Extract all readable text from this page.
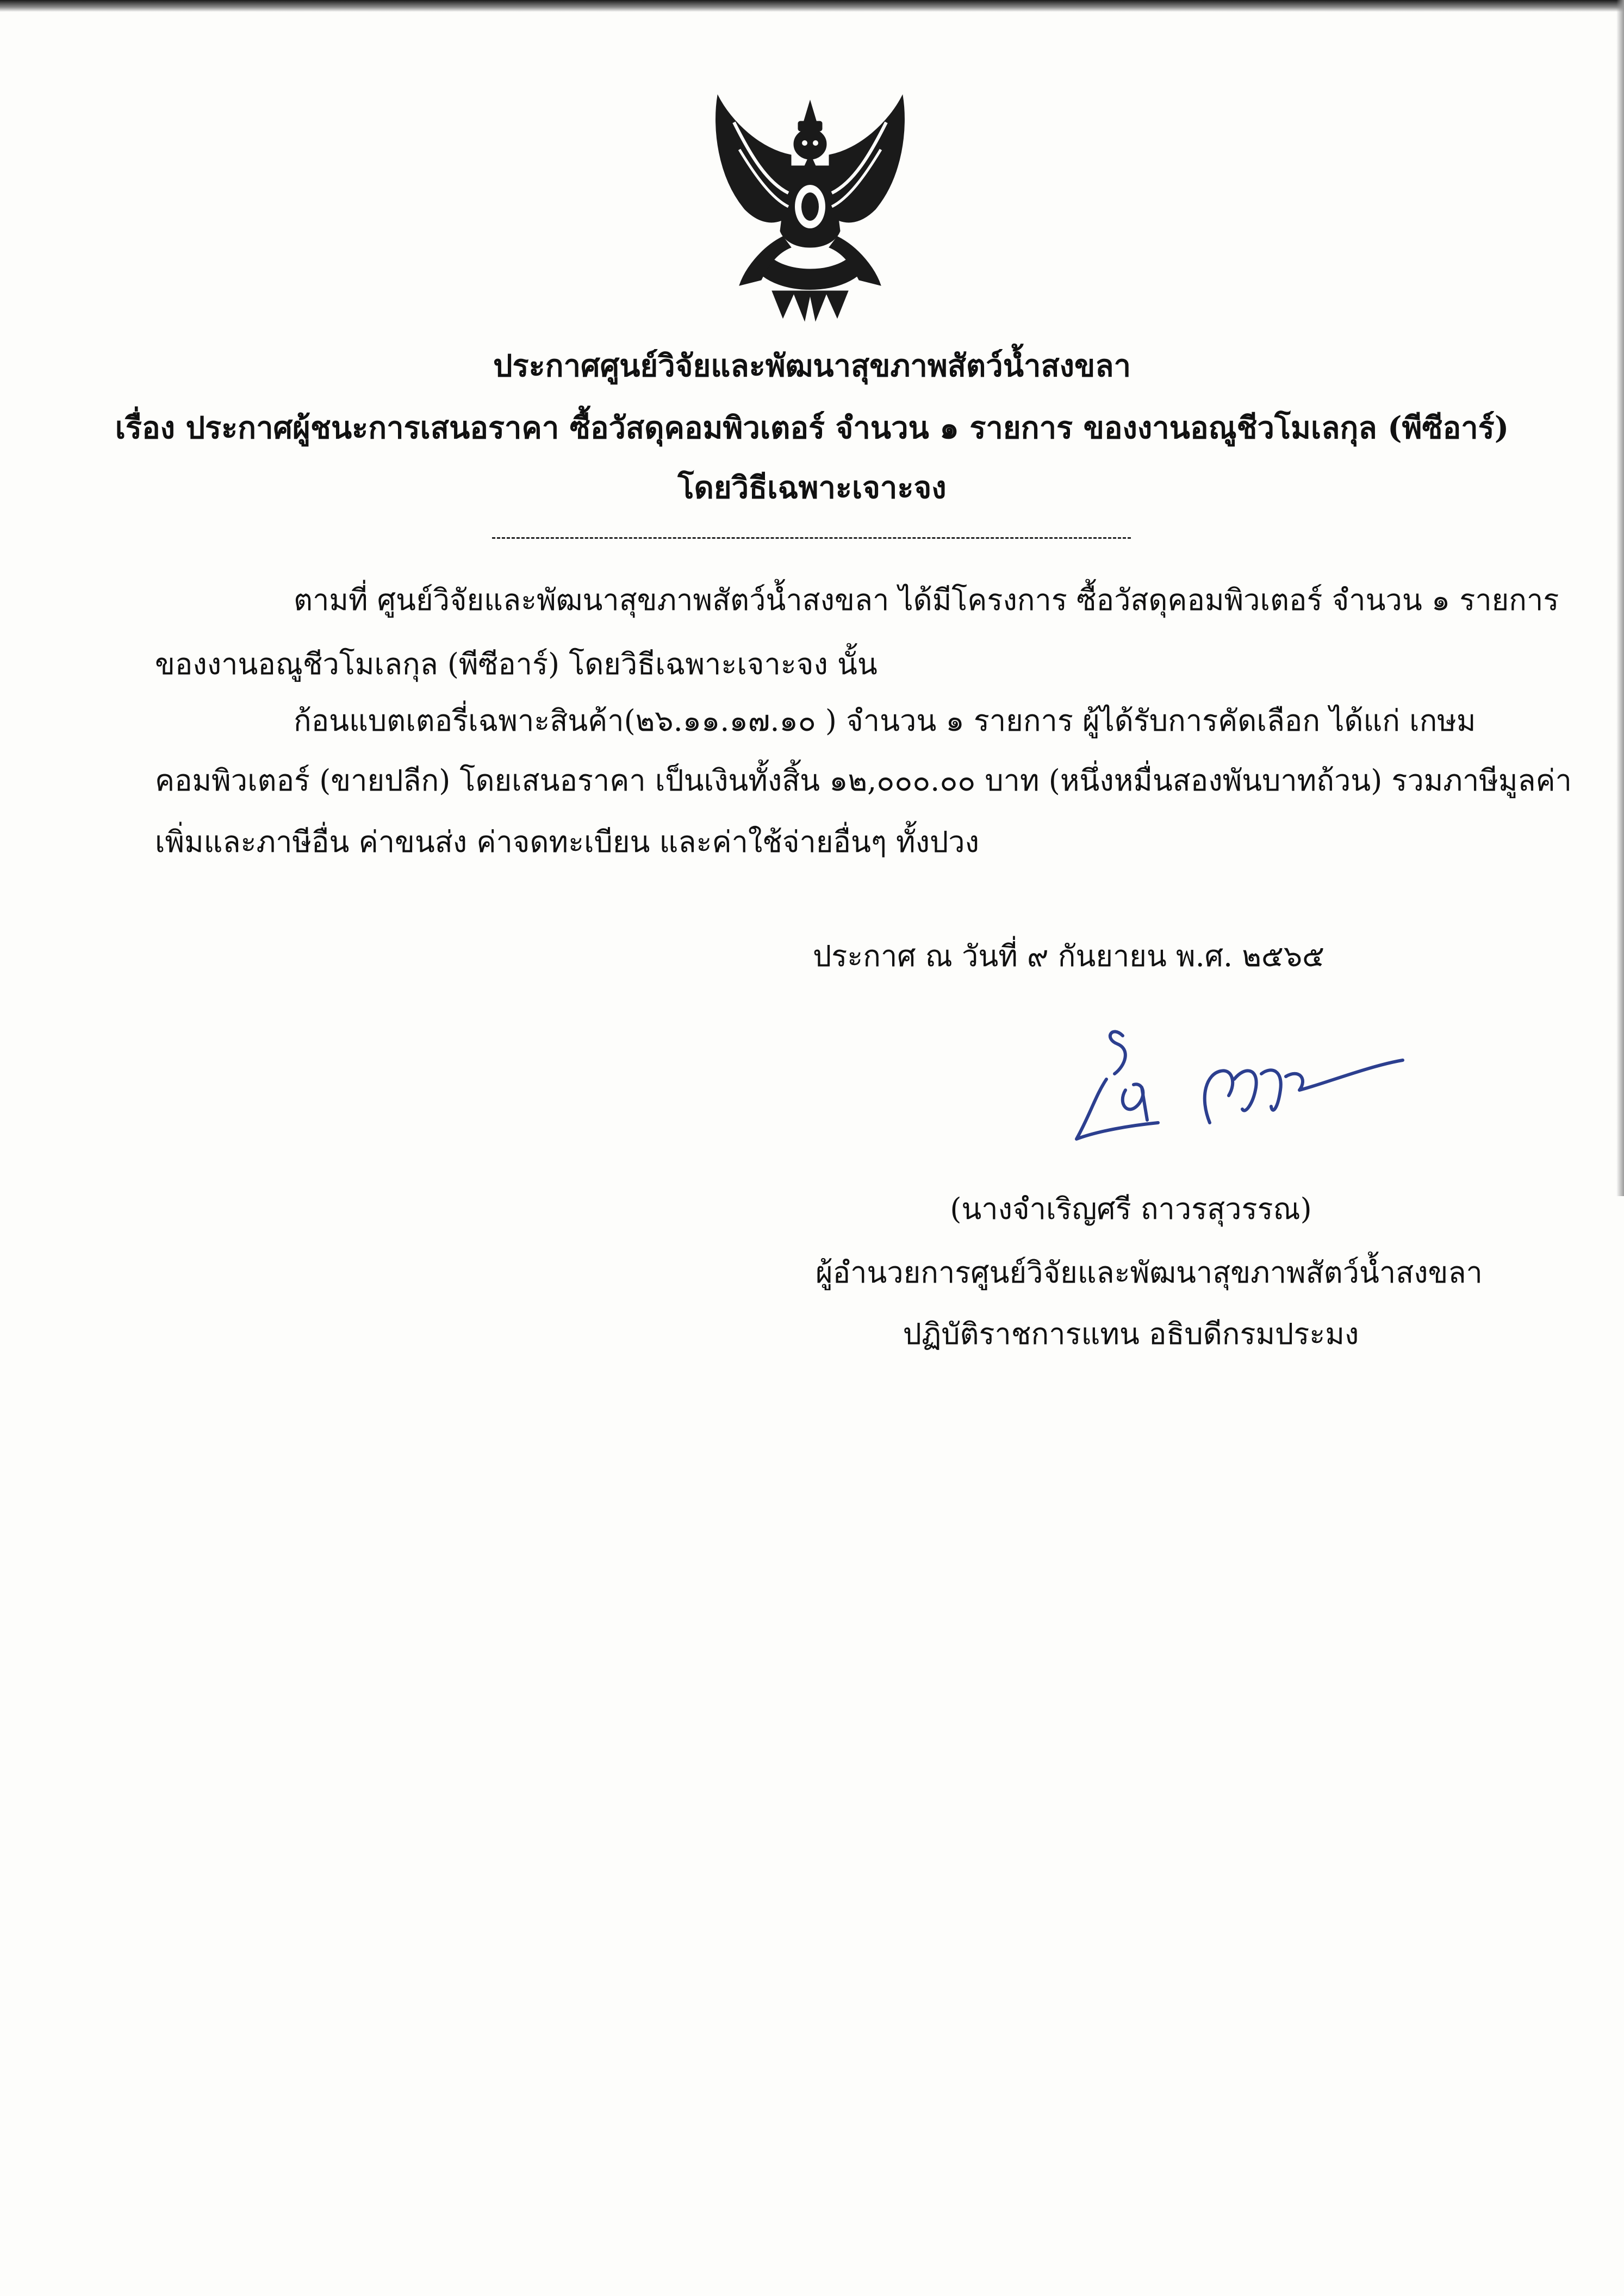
ประกาศศูนย์วิจัยและพัฒนาสุขภาพสัตว์น้ำสงขลา
เรื่อง ประกาศผู้ชนะการเสนอราคา ซื้อวัสดุคอมพิวเตอร์ จำนวน ๑ รายการ ของงานอณูชีวโมเลกุล (พีซีอาร์)
โดยวิธีเฉพาะเจาะจง
ตามที่ ศูนย์วิจัยและพัฒนาสุขภาพสัตว์น้ำสงขลา ได้มีโครงการ ซื้อวัสดุคอมพิวเตอร์ จำนวน ๑ รายการ
ของงานอณูชีวโมเลกุล (พีซีอาร์) โดยวิธีเฉพาะเจาะจง นั้น
ก้อนแบตเตอรี่เฉพาะสินค้า(๒๖.๑๑.๑๗.๑๐ ) จำนวน ๑ รายการ ผู้ได้รับการคัดเลือก ได้แก่ เกษม
คอมพิวเตอร์ (ขายปลีก) โดยเสนอราคา เป็นเงินทั้งสิ้น ๑๒,๐๐๐.๐๐ บาท (หนึ่งหมื่นสองพันบาทถ้วน) รวมภาษีมูลค่า
เพิ่มและภาษีอื่น ค่าขนส่ง ค่าจดทะเบียน และค่าใช้จ่ายอื่นๆ ทั้งปวง
ประกาศ ณ วันที่ ๙ กันยายน พ.ศ. ๒๕๖๕
(นางจำเริญศรี ถาวรสุวรรณ)
ผู้อำนวยการศูนย์วิจัยและพัฒนาสุขภาพสัตว์น้ำสงขลา
ปฏิบัติราชการแทน อธิบดีกรมประมง
